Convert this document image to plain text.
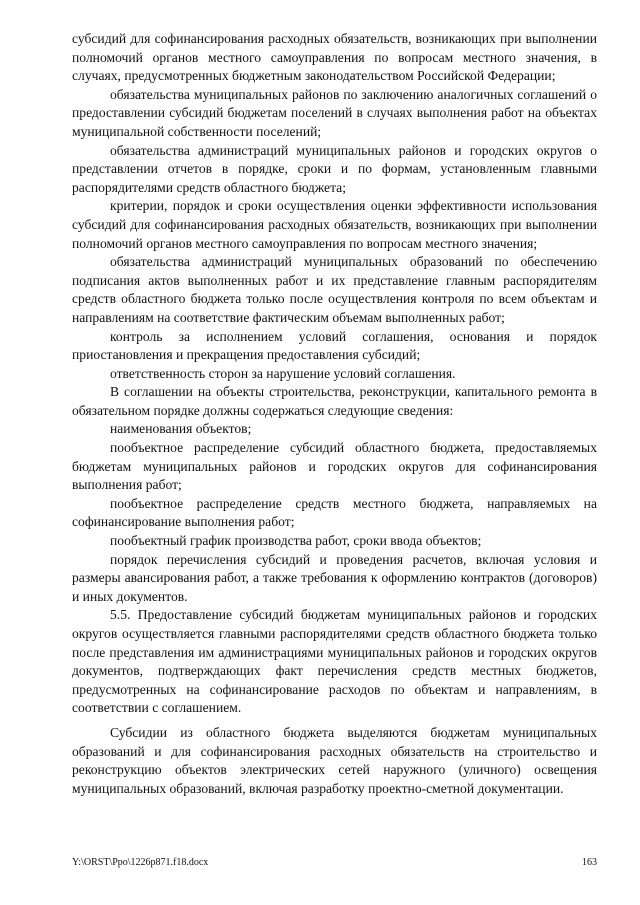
субсидий для софинансирования расходных обязательств, возникающих при выполнении полномочий органов местного самоуправления по вопросам местного значения, в случаях, предусмотренных бюджетным законодательством Российской Федерации;

обязательства муниципальных районов по заключению аналогичных соглашений о предоставлении субсидий бюджетам поселений в случаях выполнения работ на объектах муниципальной собственности поселений;

обязательства администраций муниципальных районов и городских округов о представлении отчетов в порядке, сроки и по формам, установленным главными распорядителями средств областного бюджета;

критерии, порядок и сроки осуществления оценки эффективности использования субсидий для софинансирования расходных обязательств, возникающих при выполнении полномочий органов местного самоуправления по вопросам местного значения;

обязательства администраций муниципальных образований по обеспечению подписания актов выполненных работ и их представление главным распорядителям средств областного бюджета только после осуществления контроля по всем объектам и направлениям на соответствие фактическим объемам выполненных работ;

контроль за исполнением условий соглашения, основания и порядок приостановления и прекращения предоставления субсидий;

ответственность сторон за нарушение условий соглашения.

В соглашении на объекты строительства, реконструкции, капитального ремонта в обязательном порядке должны содержаться следующие сведения:

наименования объектов;

пообъектное распределение субсидий областного бюджета, предоставляемых бюджетам муниципальных районов и городских округов для софинансирования выполнения работ;

пообъектное распределение средств местного бюджета, направляемых на софинансирование выполнения работ;

пообъектный график производства работ, сроки ввода объектов;

порядок перечисления субсидий и проведения расчетов, включая условия и размеры авансирования работ, а также требования к оформлению контрактов (договоров) и иных документов.

5.5. Предоставление субсидий бюджетам муниципальных районов и городских округов осуществляется главными распорядителями средств областного бюджета только после представления им администрациями муниципальных районов и городских округов документов, подтверждающих факт перечисления средств местных бюджетов, предусмотренных на софинансирование расходов по объектам и направлениям, в соответствии с соглашением.

Субсидии из областного бюджета выделяются бюджетам муниципальных образований и для софинансирования расходных обязательств на строительство и реконструкцию объектов электрических сетей наружного (уличного) освещения муниципальных образований, включая разработку проектно-сметной документации.

Y:\ORST\Ppo\1226p871.f18.docx	163
